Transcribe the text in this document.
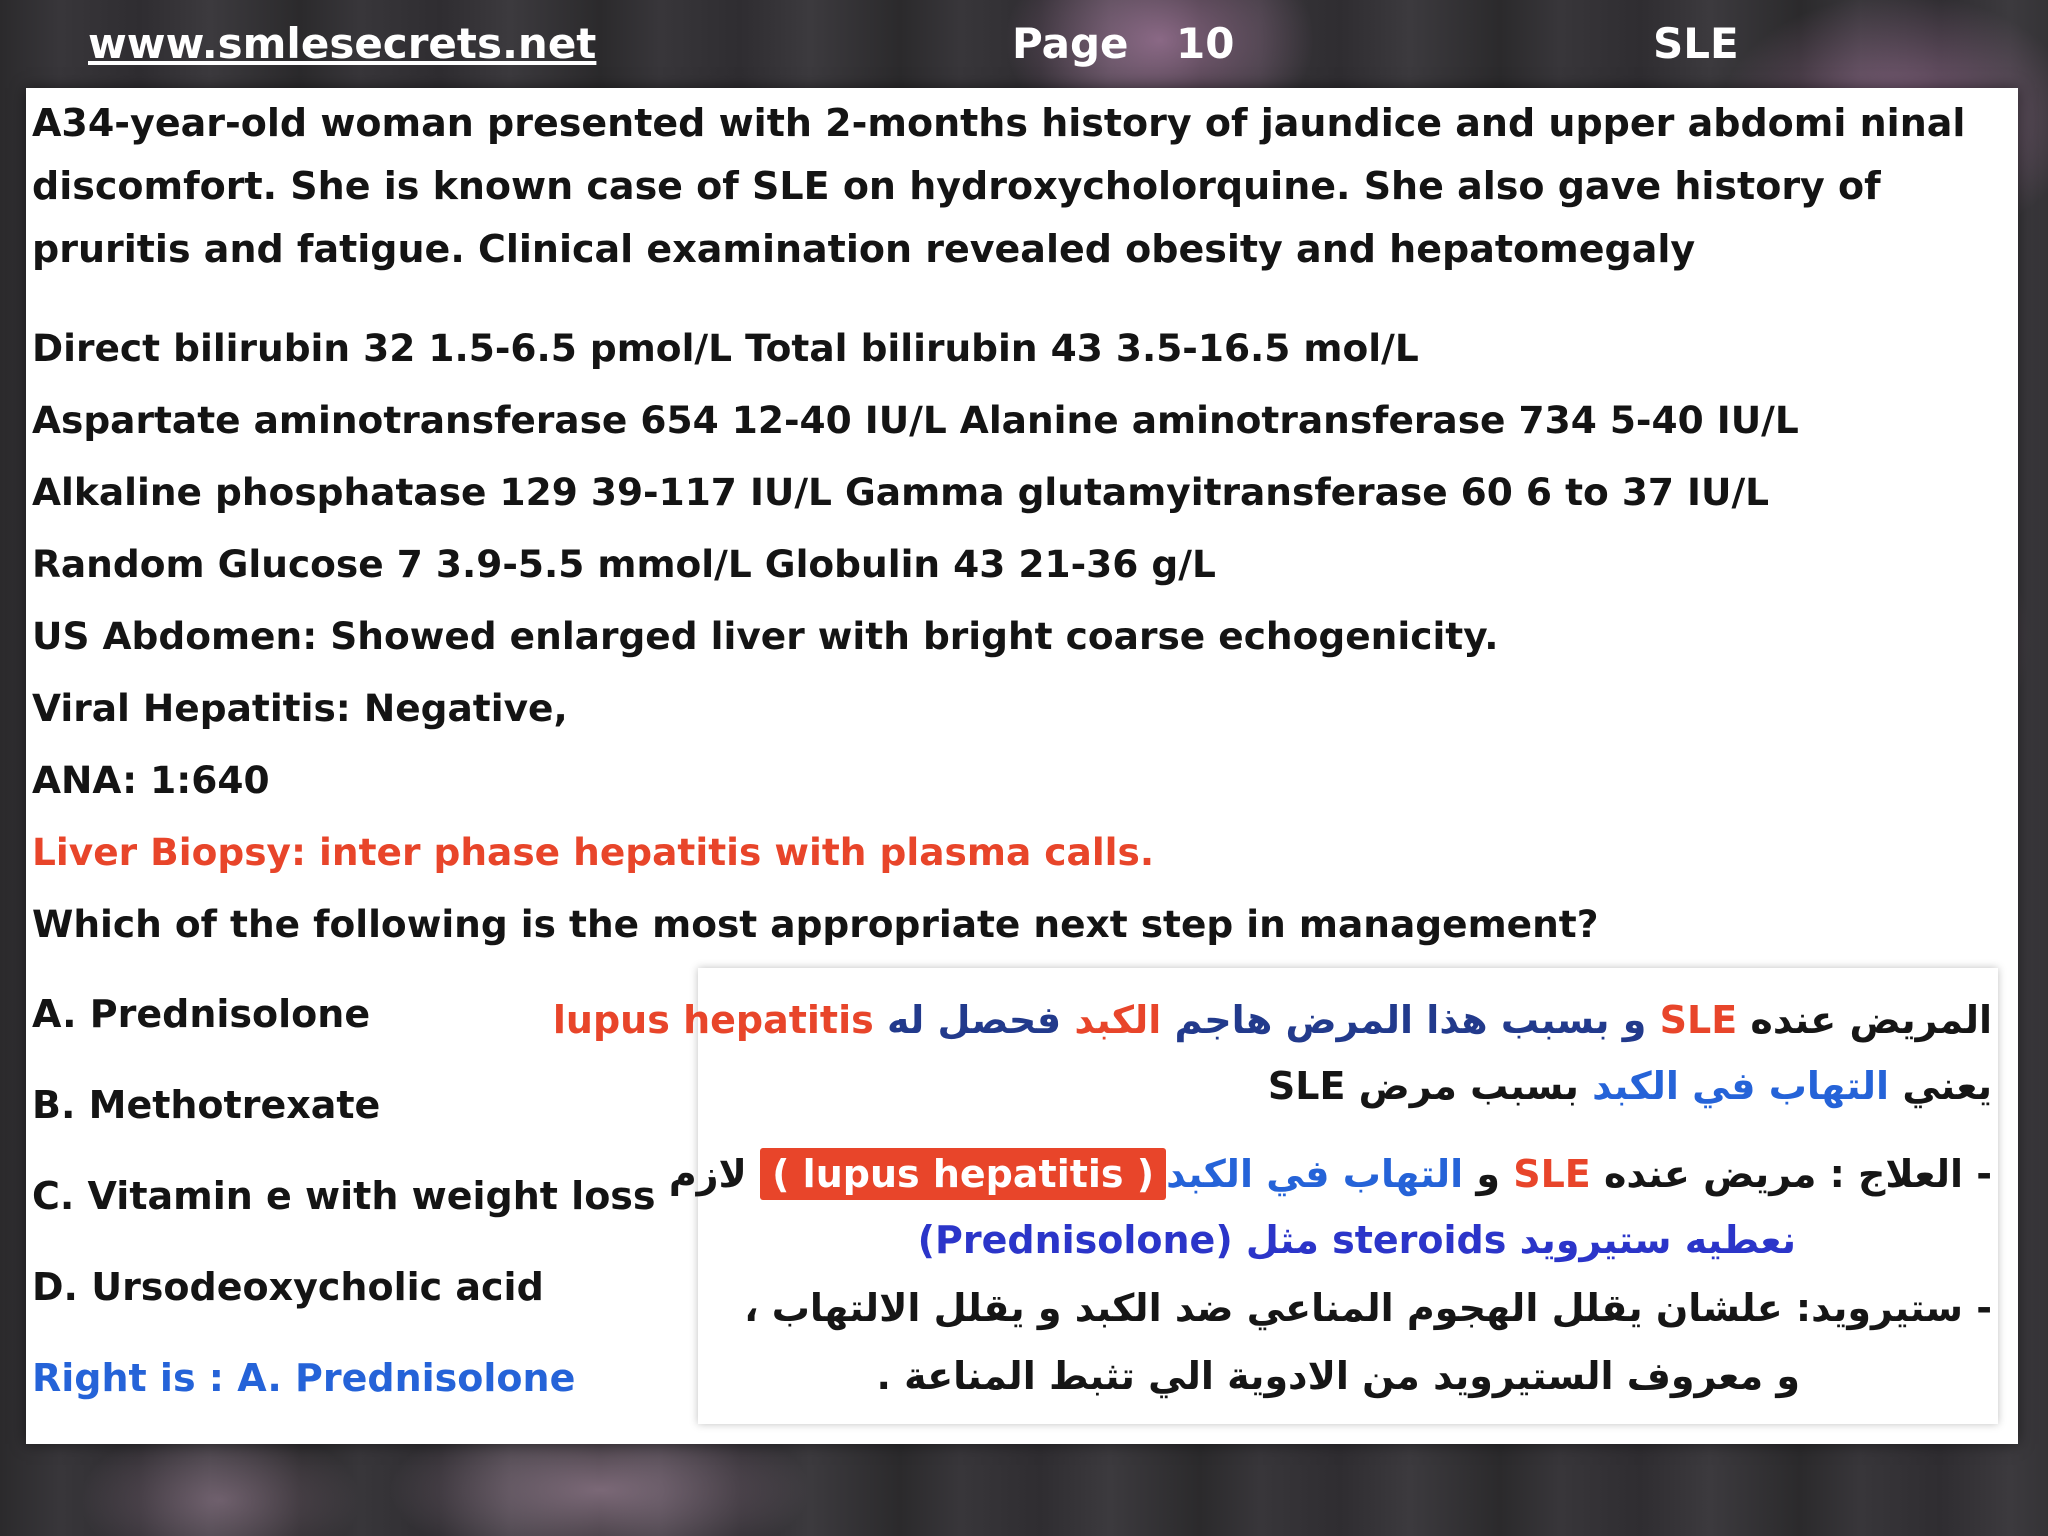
www.smlesecrets.net	Page 10	SLE
A34-year-old woman presented with 2-months history of jaundice and upper abdomi ninal discomfort. She is known case of SLE on hydroxycholorquine. She also gave history of pruritis and fatigue. Clinical examination revealed obesity and hepatomegaly
Direct bilirubin 32 1.5-6.5 pmol/L Total bilirubin 43 3.5-16.5 mol/L
Aspartate aminotransferase 654 12-40 IU/L Alanine aminotransferase 734 5-40 IU/L
Alkaline phosphatase 129 39-117 IU/L Gamma glutamyitransferase 60 6 to 37 IU/L
Random Glucose 7 3.9-5.5 mmol/L Globulin 43 21-36 g/L
US Abdomen: Showed enlarged liver with bright coarse echogenicity.
Viral Hepatitis: Negative,
ANA: 1:640
Liver Biopsy: inter phase hepatitis with plasma calls.
Which of the following is the most appropriate next step in management?
A. Prednisolone
B. Methotrexate
C. Vitamin e with weight loss
D. Ursodeoxycholic acid
Right is : A. Prednisolone
المريض عنده SLE و بسبب هذا المرض هاجم الكبد فحصل له lupus hepatitis
يعني التهاب في الكبد بسبب مرض SLE
- العلاج : مريض عنده SLE و التهاب في الكبد( lupus hepatitis ) لازم
نعطيه ستيرويد steroids مثل (Prednisolone)
- ستيرويد: علشان يقلل الهجوم المناعي ضد الكبد و يقلل الالتهاب ،
و معروف الستيرويد من الادوية الي تثبط المناعة .
